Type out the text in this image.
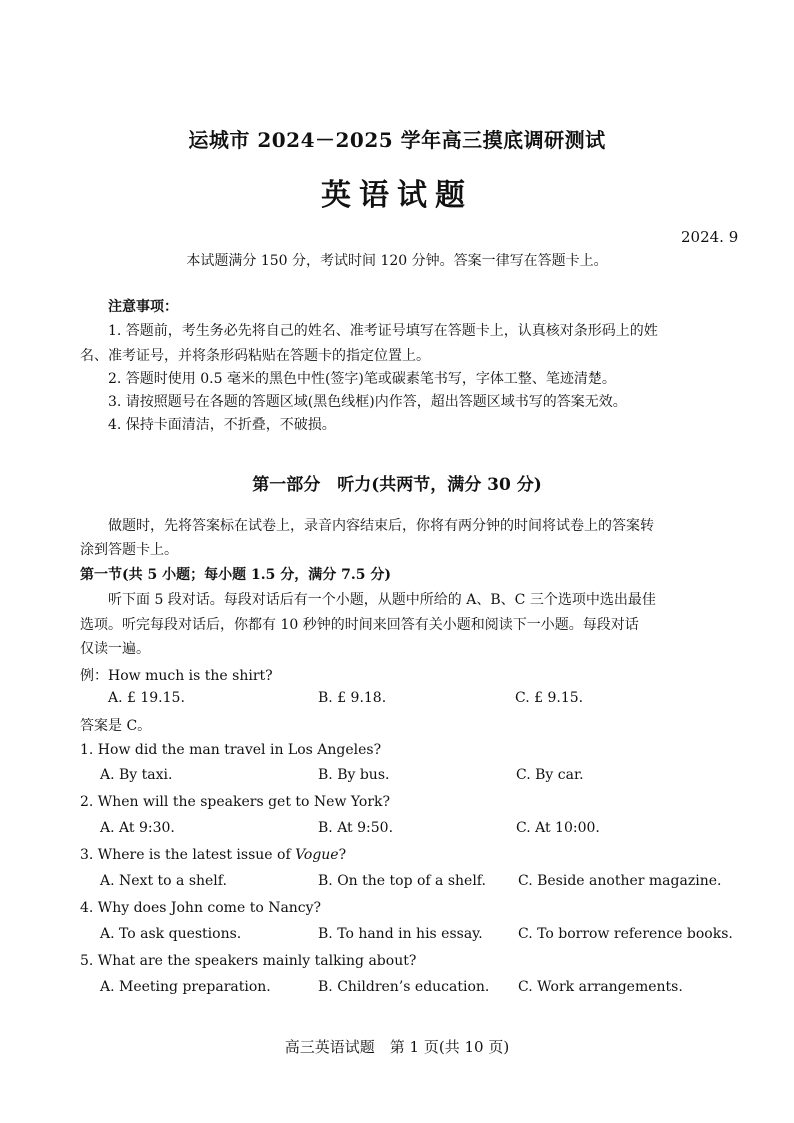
运城市 2024－2025 学年高三摸底调研测试
英语试题
2024. 9
本试题满分 150 分，考试时间 120 分钟。答案一律写在答题卡上。
注意事项：
1. 答题前，考生务必先将自己的姓名、准考证号填写在答题卡上，认真核对条形码上的姓
名、准考证号，并将条形码粘贴在答题卡的指定位置上。
2. 答题时使用 0.5 毫米的黑色中性(签字)笔或碳素笔书写，字体工整、笔迹清楚。
3. 请按照题号在各题的答题区域(黑色线框)内作答，超出答题区域书写的答案无效。
4. 保持卡面清洁，不折叠，不破损。
第一部分　听力(共两节，满分 30 分)
做题时，先将答案标在试卷上，录音内容结束后，你将有两分钟的时间将试卷上的答案转
涂到答题卡上。
第一节(共 5 小题；每小题 1.5 分，满分 7.5 分)
听下面 5 段对话。每段对话后有一个小题，从题中所给的 A、B、C 三个选项中选出最佳
选项。听完每段对话后，你都有 10 秒钟的时间来回答有关小题和阅读下一小题。每段对话
仅读一遍。
例：How much is the shirt?
A. £ 19.15.	B. £ 9.18.	C. £ 9.15.
答案是 C。
1. How did the man travel in Los Angeles?
A. By taxi.	B. By bus.	C. By car.
2. When will the speakers get to New York?
A. At 9:30.	B. At 9:50.	C. At 10:00.
3. Where is the latest issue of Vogue?
A. Next to a shelf.	B. On the top of a shelf. C. Beside another magazine.
4. Why does John come to Nancy?
A. To ask questions.	B. To hand in his essay.	C. To borrow reference books.
5. What are the speakers mainly talking about?
A. Meeting preparation.	B. Children’s education. C. Work arrangements.
高三英语试题　第 1 页(共 10 页)
